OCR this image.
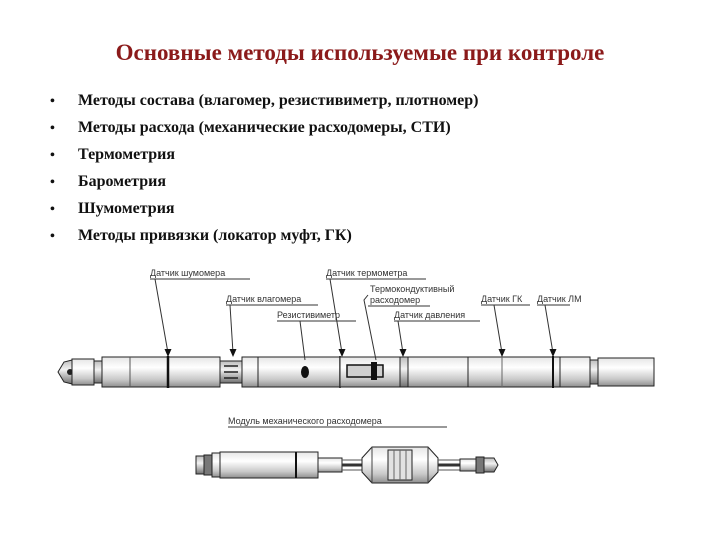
Основные методы используемые при контроле
• Методы состава (влагомер, резистивиметр, плотномер)
• Методы расхода (механические расходомеры, СТИ)
• Термометрия
• Барометрия
• Шумометрия
• Методы привязки (локатор муфт, ГК)
Датчик шумомера
Датчик влагомера
Резистивиметр
Датчик термометра
Термокондуктивный
расходомер
Датчик давления
Датчик ГК Датчик ЛМ
Модуль механического расходомера
